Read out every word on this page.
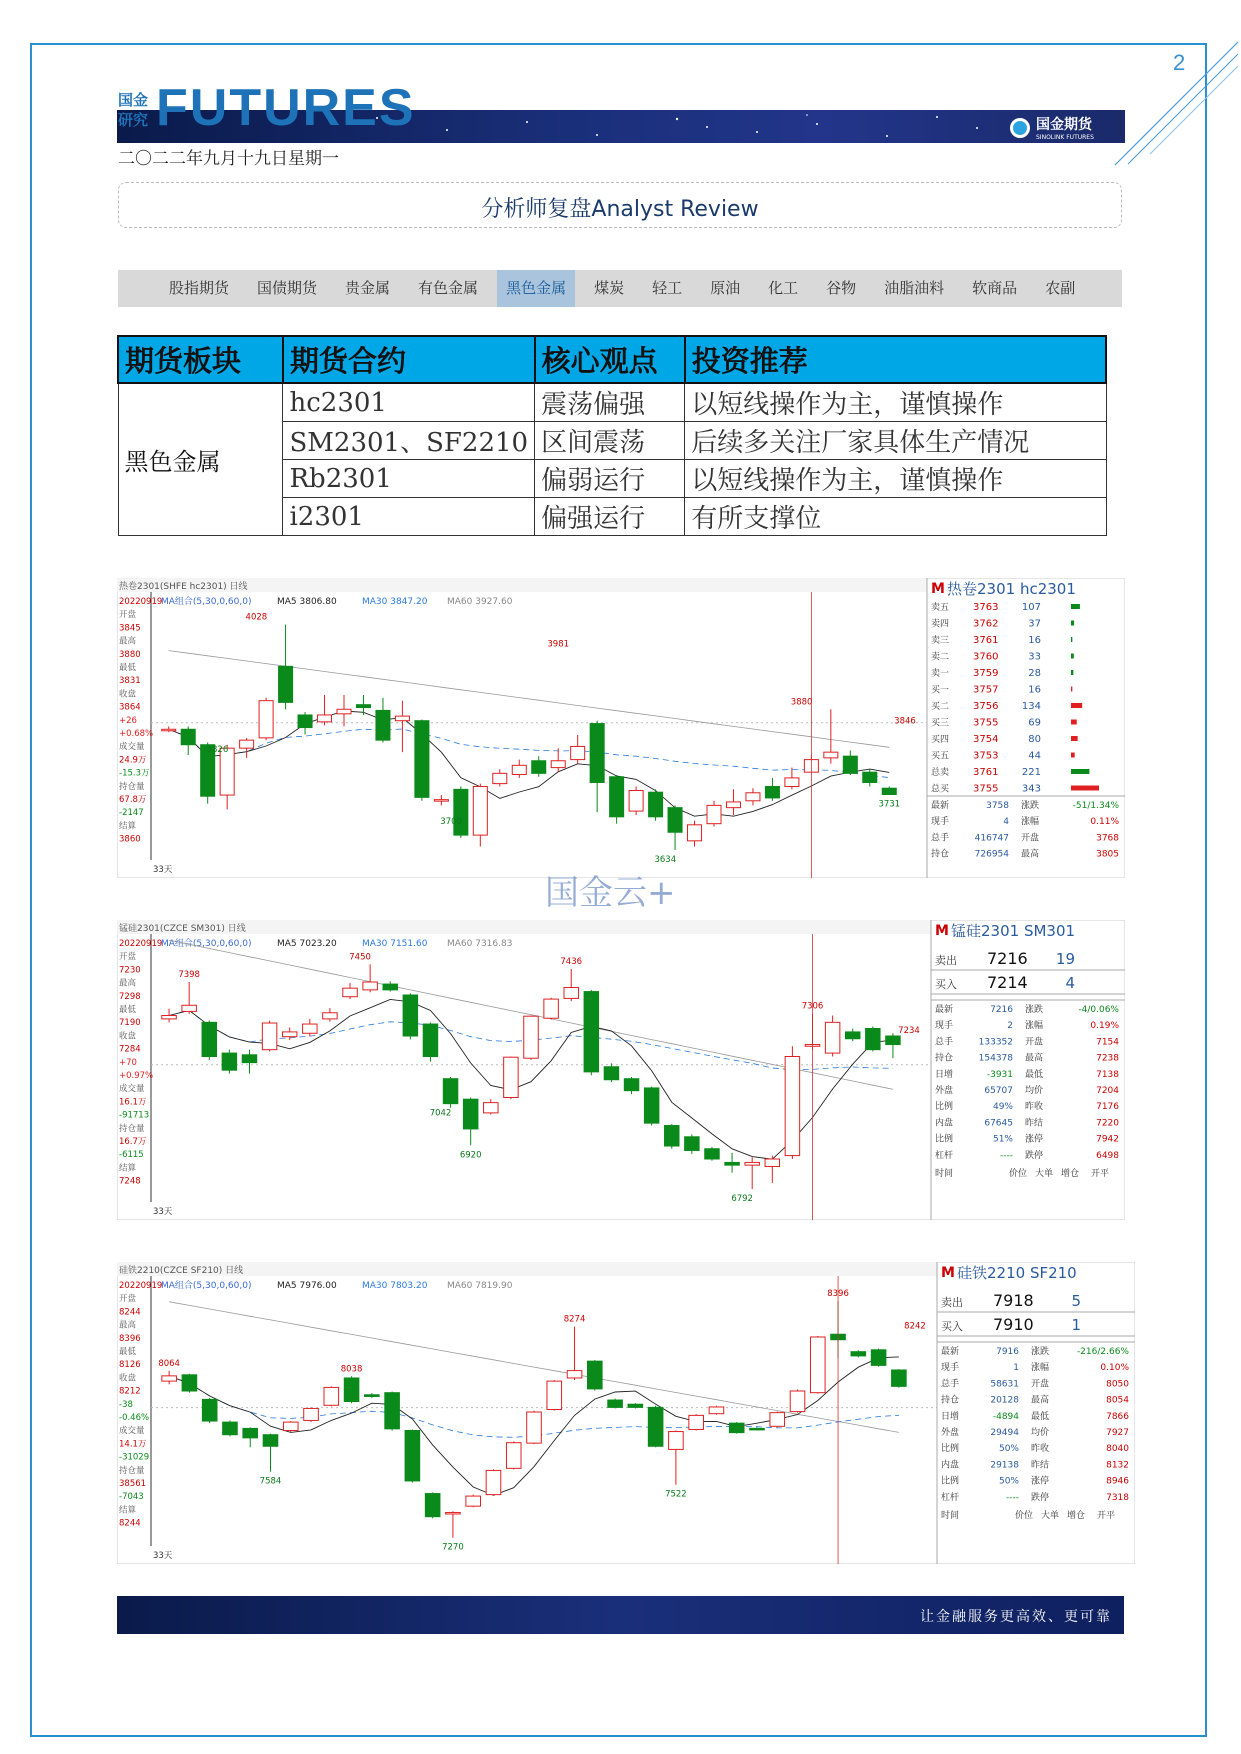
2
国金研究 FUTURES	国金期货
SINOLINK FUTURES
二〇二二年九月十九日星期一
分析师复盘Analyst Review
股指期货	国债期货	贵金属	有色金属	黑色金属	煤炭	轻工	原油	化工	谷物	油脂油料	软商品	农副
期货板块	期货合约	核心观点	投资推荐
黑色金属	hc2301	震荡偏强	以短线操作为主，谨慎操作
	SM2301、SF2210	区间震荡	后续多关注厂家具体生产情况
	Rb2301	偏弱运行	以短线操作为主，谨慎操作
	i2301	偏强运行	有所支撑位
热卷2301(SHFE hc2301) 日线
20220919
开盘
3845
最高
3880
最低
3831
收盘
3864
+26
+0.68%
成交量
24.9万
-15.3万
持仓量
67.8万
-2147
结算
3860
MA组合(5,30,0,60,0)	MA5 3806.80	MA30 3847.20 MA60 3927.60
4028
3826
3700
3981
3634
3880
3731
3846
33天
M 热卷2301 hc2301
卖五 3763 107
卖四 3762	37
卖三 3761	16
卖二 3760	33
卖一 3759	28
买一 3757	16
买二 3756 134
买三 3755	69
买四 3754	80
买五 3753	44
总卖 3761 221
总买 3755 343
最新	3758 涨跌	-51/1.34%
现手	4 涨幅	0.11%
总手	416747 开盘	3768
持仓	726954 最高	3805
锰硅2301(CZCE SM301) 日线
20220919
开盘
7230
最高
7298
最低
7190
收盘
7284
+70
+0.97%
成交量
16.1万
-91713
持仓量
16.7万
-6115
结算
7248
MA组合(5,30,0,60,0)	MA5 7023.20	MA30 7151.60 MA60 7316.83
7398
7450
7042
6920
7436
6792
7306
7234
33天
M 锰硅2301 SM301
卖出 7216 19
买入 7214	4
最新	7216 涨跌	-4/0.06%
现手	2 涨幅	0.19%
总手	133352 开盘	7154
持仓	154378 最高	7238
日增	-3931 最低	7138
外盘	65707 均价	7204
比例	49% 昨收	7176
内盘	67645 昨结	7220
比例	51% 涨停	7942
杠杆	---- 跌停	6498
时间	价位 大单 增仓 开平
硅铁2210(CZCE SF210) 日线
20220919
开盘
8244
最高
8396
最低
8126
收盘
8212
-38
-0.46%
成交量
14.1万
-31029
持仓量
38561
-7043
结算
8244
MA组合(5,30,0,60,0)	MA5 7976.00	MA30 7803.20 MA60 7819.90
8064
7584
8038
7270
8274
7522
8396
8242
33天
M 硅铁2210 SF210
卖出 7918	5
买入 7910	1
最新	7916 涨跌	-216/2.66%
现手	1 涨幅	0.10%
总手	58631 开盘	8050
持仓	20128 最高	8054
日增	-4894 最低	7866
外盘	29494 均价	7927
比例	50% 昨收	8040
内盘	29138 昨结	8132
比例	50% 涨停	8946
杠杆	---- 跌停	7318
时间	价位 大单 增仓 开平
国金云+
让金融服务更高效、更可靠
